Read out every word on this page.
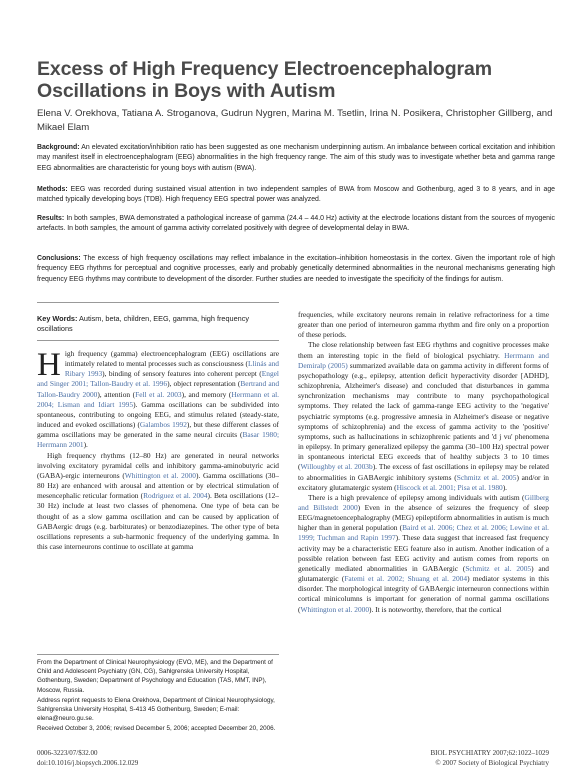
Excess of High Frequency Electroencephalogram Oscillations in Boys with Autism
Elena V. Orekhova, Tatiana A. Stroganova, Gudrun Nygren, Marina M. Tsetlin, Irina N. Posikera, Christopher Gillberg, and Mikael Elam
Background: An elevated excitation/inhibition ratio has been suggested as one mechanism underpinning autism. An imbalance between cortical excitation and inhibition may manifest itself in electroencephalogram (EEG) abnormalities in the high frequency range. The aim of this study was to investigate whether beta and gamma range EEG abnormalities are characteristic for young boys with autism (BWA).
Methods: EEG was recorded during sustained visual attention in two independent samples of BWA from Moscow and Gothenburg, aged 3 to 8 years, and in age matched typically developing boys (TDB). High frequency EEG spectral power was analyzed.
Results: In both samples, BWA demonstrated a pathological increase of gamma (24.4 – 44.0 Hz) activity at the electrode locations distant from the sources of myogenic artefacts. In both samples, the amount of gamma activity correlated positively with degree of developmental delay in BWA.
Conclusions: The excess of high frequency oscillations may reflect imbalance in the excitation–inhibition homeostasis in the cortex. Given the important role of high frequency EEG rhythms for perceptual and cognitive processes, early and probably genetically determined abnormalities in the neuronal mechanisms generating high frequency EEG rhythms may contribute to development of the disorder. Further studies are needed to investigate the specificity of the findings for autism.
Key Words: Autism, beta, children, EEG, gamma, high frequency oscillations

High frequency (gamma) electroencephalogram (EEG) oscillations are intimately related to mental processes such as consciousness (Llinás and Ribary 1993), binding of sensory features into coherent percept (Engel and Singer 2001; Tallon-Baudry et al. 1996), object representation (Bertrand and Tallon-Baudry 2000), attention (Fell et al. 2003), and memory (Herrmann et al. 2004; Lisman and Idiart 1995). Gamma oscillations can be subdivided into spontaneous, contributing to ongoing EEG, and stimulus related (steady-state, induced and evoked oscillations) (Galambos 1992), but these different classes of gamma oscillations may be generated in the same neural circuits (Basar 1980; Herrmann 2001).

High frequency rhythms (12–80 Hz) are generated in neural networks involving excitatory pyramidal cells and inhibitory gamma-aminobutyric acid (GABA)-ergic interneurons (Whittington et al. 2000). Gamma oscillations (30–80 Hz) are enhanced with arousal and attention or by electrical stimulation of mesencephalic reticular formation (Rodriguez et al. 2004). Beta oscillations (12–30 Hz) include at least two classes of phenomena. One type of beta can be thought of as a slow gamma oscillation and can be caused by application of GABAergic drugs (e.g. barbiturates) or benzodiazepines. The other type of beta oscillations represents a sub-harmonic frequency of the underlying gamma. In this case interneurons continue to oscillate at gamma

frequencies, while excitatory neurons remain in relative refractoriness for a time greater than one period of interneuron gamma rhythm and fire only on a proportion of these periods.

The close relationship between fast EEG rhythms and cognitive processes make them an interesting topic in the field of biological psychiatry. Herrmann and Demiralp (2005) summarized available data on gamma activity in different forms of psychopathology (e.g., epilepsy, attention deficit hyperactivity disorder [ADHD], schizophrenia, Alzheimer's disease) and concluded that disturbances in gamma synchronization mechanisms may contribute to many psychopathological symptoms. They related the lack of gamma-range EEG activity to the 'negative' psychiatric symptoms (e.g. progressive amnesia in Alzheimer's disease or negative symptoms of schizophrenia) and the excess of gamma activity to the 'positive' symptoms, such as hallucinations in schizophrenic patients and 'd j vu' phenomena in epilepsy. In primary generalized epilepsy the gamma (30–100 Hz) spectral power in spontaneous interictal EEG exceeds that of healthy subjects 3 to 10 times (Willoughby et al. 2003b). The excess of fast oscillations in epilepsy may be related to abnormalities in GABAergic inhibitory systems (Schmitz et al. 2005) and/or in excitatory glutamatergic system (Hiscock et al. 2001; Pisa et al. 1980).

There is a high prevalence of epilepsy among individuals with autism (Gillberg and Billstedt 2000) Even in the absence of seizures the frequency of sleep EEG/magnetoencephalography (MEG) epileptiform abnormalities in autism is much higher than in general population (Baird et al. 2006; Chez et al. 2006; Lewine et al. 1999; Tuchman and Rapin 1997). These data suggest that increased fast frequency activity may be a characteristic EEG feature also in autism. Another indication of a possible relation between fast EEG activity and autism comes from reports on genetically mediated abnormalities in GABAergic (Schmitz et al. 2005) and glutamatergic (Fatemi et al. 2002; Shuang et al. 2004) mediator systems in this disorder. The morphological integrity of GABAergic interneuron connections within cortical minicolumns is important for generation of normal gamma oscillations (Whittington et al. 2000). It is noteworthy, therefore, that the cortical

From the Department of Clinical Neurophysiology (EVO, ME), and the Department of Child and Adolescent Psychiatry (GN, CG), Sahlgrenska University Hospital, Gothenburg, Sweden; Department of Psychology and Education (TAS, MMT, INP), Moscow, Russia.

Address reprint requests to Elena Orekhova, Department of Clinical Neurophysiology, Sahlgrenska University Hospital, S-413 45 Gothenburg, Sweden; E-mail: elena@neuro.gu.se.

Received October 3, 2006; revised December 5, 2006; accepted December 20, 2006.

0006-3223/07/$32.00
doi:10.1016/j.biopsych.2006.12.029
BIOL PSYCHIATRY 2007;62:1022–1029
© 2007 Society of Biological Psychiatry
